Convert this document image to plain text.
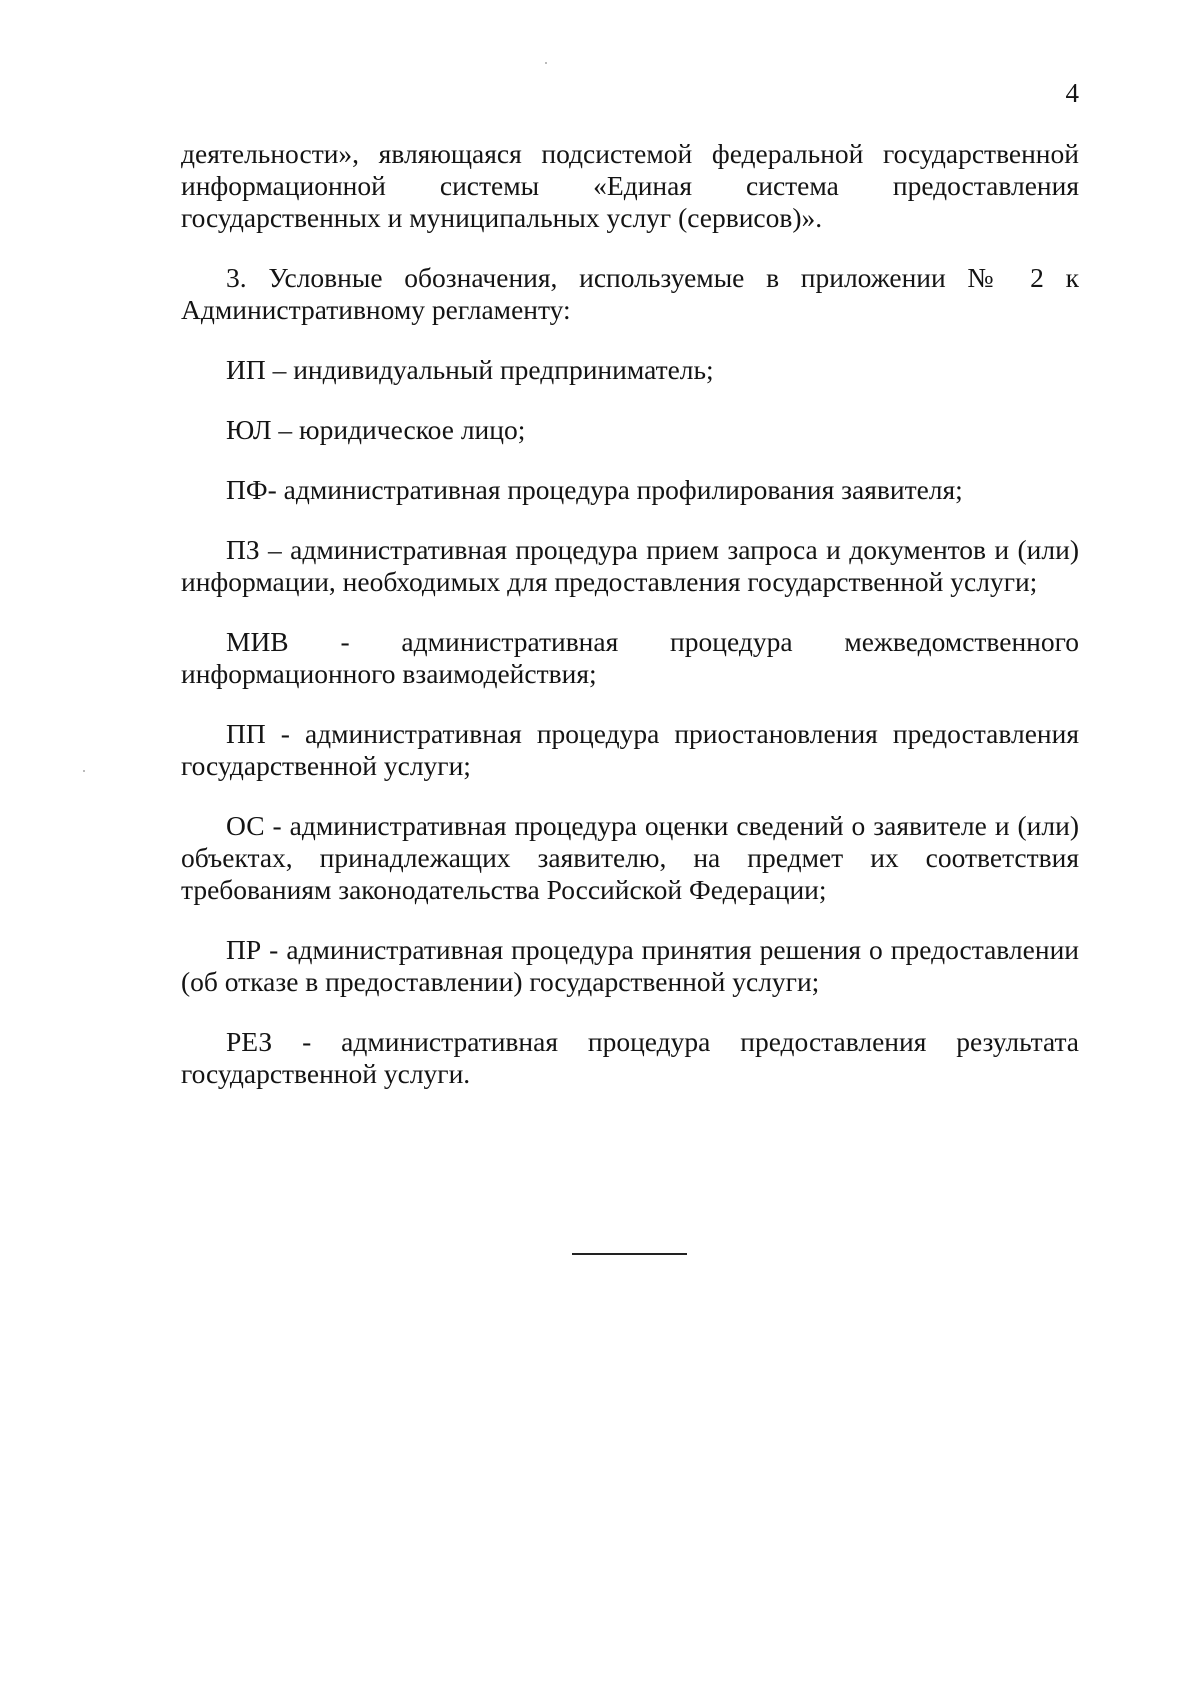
4

деятельности», являющаяся подсистемой федеральной государственной информационной системы «Единая система предоставления государственных и муниципальных услуг (сервисов)».

3. Условные обозначения, используемые в приложении № 2 к Административному регламенту:

ИП – индивидуальный предприниматель;

ЮЛ – юридическое лицо;

ПФ- административная процедура профилирования заявителя;

ПЗ – административная процедура прием запроса и документов и (или) информации, необходимых для предоставления государственной услуги;

МИВ - административная процедура межведомственного информационного взаимодействия;

ПП - административная процедура приостановления предоставления государственной услуги;

ОС - административная процедура оценки сведений о заявителе и (или) объектах, принадлежащих заявителю, на предмет их соответствия требованиям законодательства Российской Федерации;

ПР - административная процедура принятия решения о предоставлении (об отказе в предоставлении) государственной услуги;

РЕЗ - административная процедура предоставления результата государственной услуги.
